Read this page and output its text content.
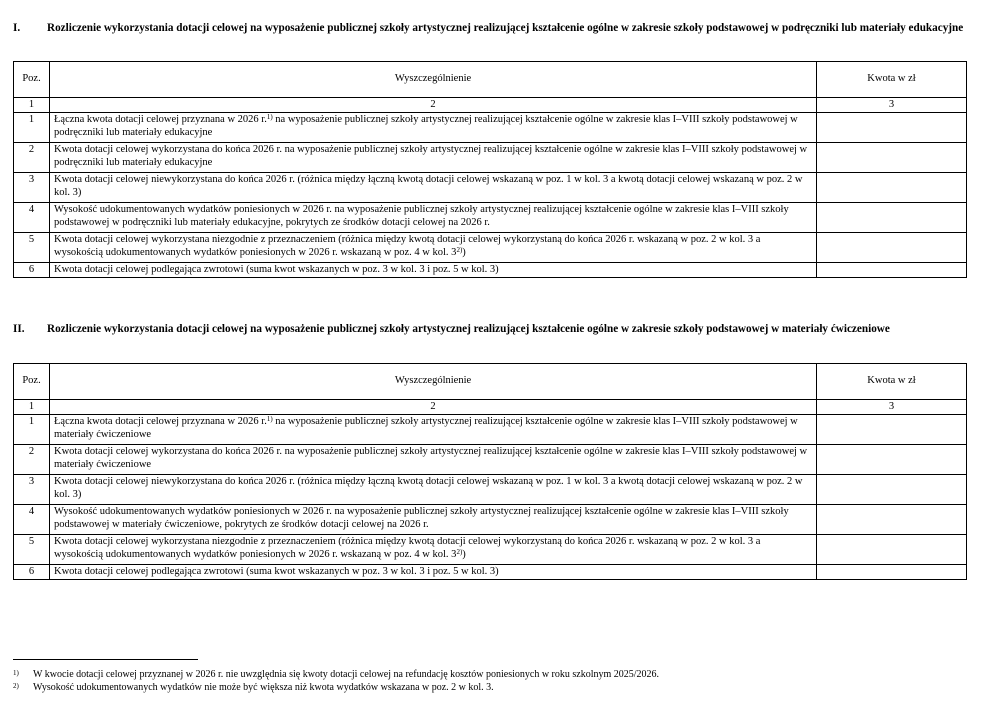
I. Rozliczenie wykorzystania dotacji celowej na wyposażenie publicznej szkoły artystycznej realizującej kształcenie ogólne w zakresie szkoły podstawowej w podręczniki lub materiały edukacyjne
Poz.	Wyszczególnienie	Kwota w zł
1	2	3
1	Łączna kwota dotacji celowej przyznana w 2026 r.$^{1)}$ na wyposażenie publicznej szkoły artystycznej realizującej kształcenie ogólne w zakresie klas I–VIII szkoły podstawowej w podręczniki lub materiały edukacyjne	
2	Kwota dotacji celowej wykorzystana do końca 2026 r. na wyposażenie publicznej szkoły artystycznej realizującej kształcenie ogólne w zakresie klas I–VIII szkoły podstawowej w podręczniki lub materiały edukacyjne	
3	Kwota dotacji celowej niewykorzystana do końca 2026 r. (różnica między łączną kwotą dotacji celowej wskazaną w poz. 1 w kol. 3 a kwotą dotacji celowej wskazaną w poz. 2 w kol. 3)	
4	Wysokość udokumentowanych wydatków poniesionych w 2026 r. na wyposażenie publicznej szkoły artystycznej realizującej kształcenie ogólne w zakresie klas I–VIII szkoły podstawowej w podręczniki lub materiały edukacyjne, pokrytych ze środków dotacji celowej na 2026 r.	
5	Kwota dotacji celowej wykorzystana niezgodnie z przeznaczeniem (różnica między kwotą dotacji celowej wykorzystaną do końca 2026 r. wskazaną w poz. 2 w kol. 3 a wysokością udokumentowanych wydatków poniesionych w 2026 r. wskazaną w poz. 4 w kol. 3$^{2)}$)	
6	Kwota dotacji celowej podlegająca zwrotowi (suma kwot wskazanych w poz. 3 w kol. 3 i poz. 5 w kol. 3)	
II. Rozliczenie wykorzystania dotacji celowej na wyposażenie publicznej szkoły artystycznej realizującej kształcenie ogólne w zakresie szkoły podstawowej w materiały ćwiczeniowe
Poz.	Wyszczególnienie	Kwota w zł
1	2	3
1	Łączna kwota dotacji celowej przyznana w 2026 r.$^{1)}$ na wyposażenie publicznej szkoły artystycznej realizującej kształcenie ogólne w zakresie klas I–VIII szkoły podstawowej w materiały ćwiczeniowe	
2	Kwota dotacji celowej wykorzystana do końca 2026 r. na wyposażenie publicznej szkoły artystycznej realizującej kształcenie ogólne w zakresie klas I–VIII szkoły podstawowej w materiały ćwiczeniowe	
3	Kwota dotacji celowej niewykorzystana do końca 2026 r. (różnica między łączną kwotą dotacji celowej wskazaną w poz. 1 w kol. 3 a kwotą dotacji celowej wskazaną w poz. 2 w kol. 3)	
4	Wysokość udokumentowanych wydatków poniesionych w 2026 r. na wyposażenie publicznej szkoły artystycznej realizującej kształcenie ogólne w zakresie klas I–VIII szkoły podstawowej w materiały ćwiczeniowe, pokrytych ze środków dotacji celowej na 2026 r.	
5	Kwota dotacji celowej wykorzystana niezgodnie z przeznaczeniem (różnica między kwotą dotacji celowej wykorzystaną do końca 2026 r. wskazaną w poz. 2 w kol. 3 a wysokością udokumentowanych wydatków poniesionych w 2026 r. wskazaną w poz. 4 w kol. 3$^{2)}$)	
6	Kwota dotacji celowej podlegająca zwrotowi (suma kwot wskazanych w poz. 3 w kol. 3 i poz. 5 w kol. 3)	
1) W kwocie dotacji celowej przyznanej w 2026 r. nie uwzględnia się kwoty dotacji celowej na refundację kosztów poniesionych w roku szkolnym 2025/2026.
2) Wysokość udokumentowanych wydatków nie może być większa niż kwota wydatków wskazana w poz. 2 w kol. 3.
